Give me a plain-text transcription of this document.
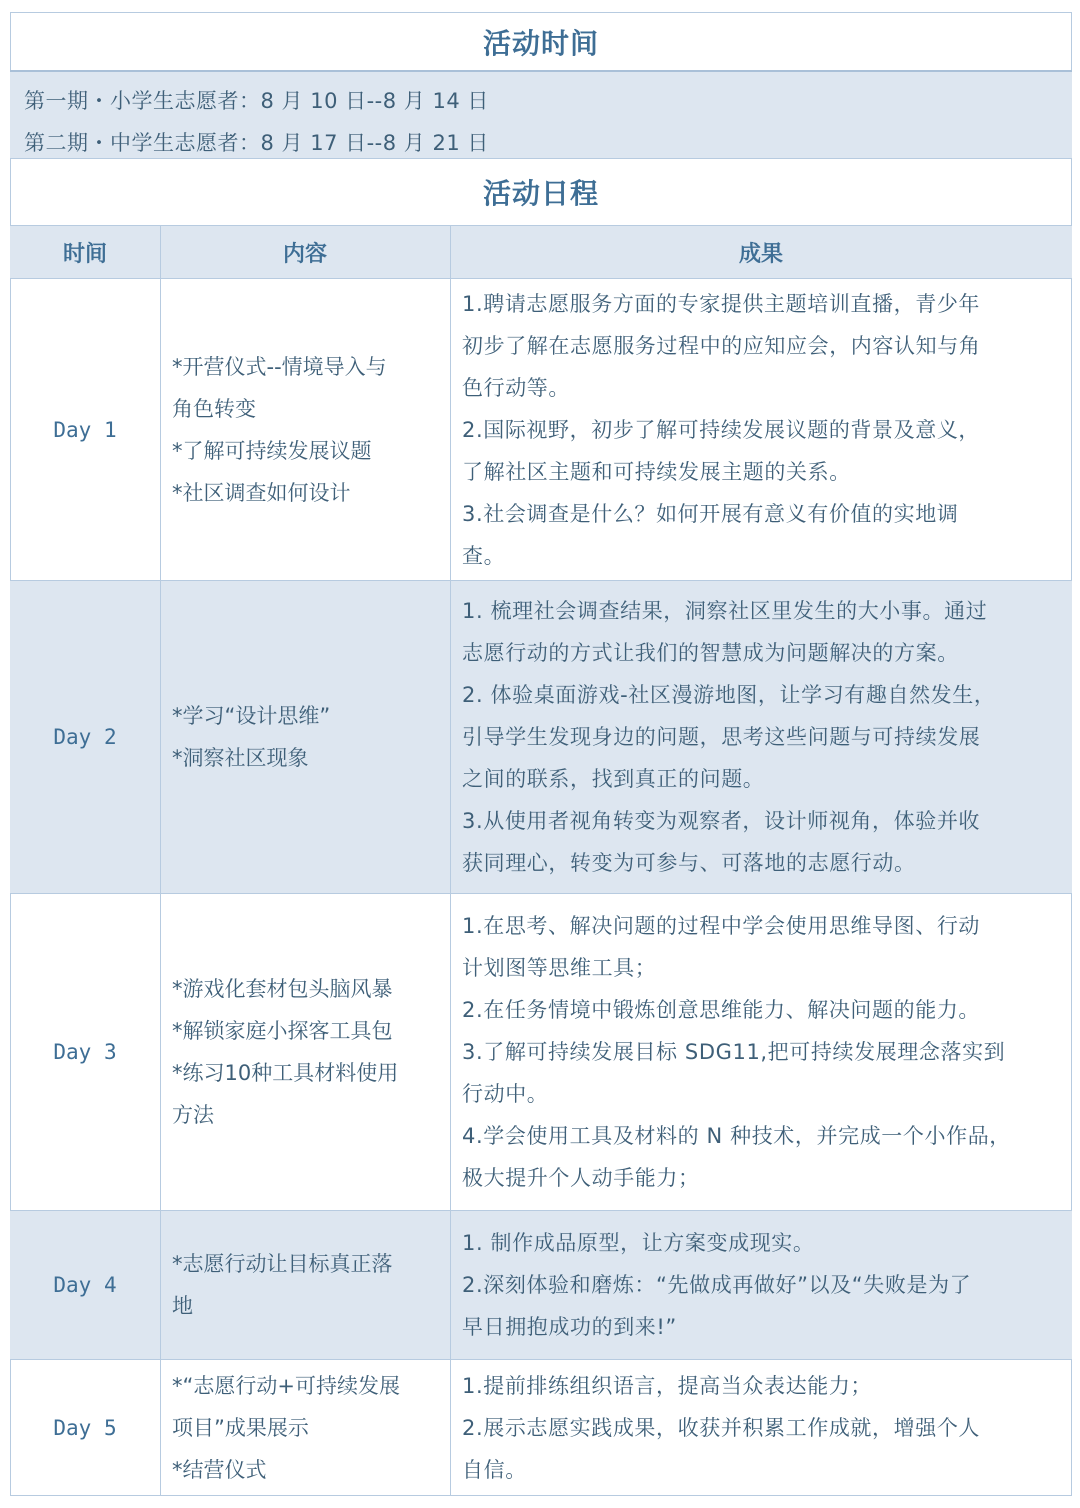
活动时间
第一期・小学生志愿者：8 月 10 日--8 月 14 日
第二期・中学生志愿者：8 月 17 日--8 月 21 日
活动日程
时间	内容	成果
Day 1
*开营仪式--情境导入与
角色转变
*了解可持续发展议题
*社区调查如何设计
1.聘请志愿服务方面的专家提供主题培训直播，青少年
初步了解在志愿服务过程中的应知应会，内容认知与角
色行动等。
2.国际视野，初步了解可持续发展议题的背景及意义，
了解社区主题和可持续发展主题的关系。
3.社会调查是什么？如何开展有意义有价值的实地调
查。
Day 2
*学习“设计思维”
*洞察社区现象
1. 梳理社会调查结果，洞察社区里发生的大小事。通过
志愿行动的方式让我们的智慧成为问题解决的方案。
2. 体验桌面游戏-社区漫游地图，让学习有趣自然发生，
引导学生发现身边的问题，思考这些问题与可持续发展
之间的联系，找到真正的问题。
3.从使用者视角转变为观察者，设计师视角，体验并收
获同理心，转变为可参与、可落地的志愿行动。
Day 3
*游戏化套材包头脑风暴
*解锁家庭小探客工具包
*练习10种工具材料使用
方法
1.在思考、解决问题的过程中学会使用思维导图、行动
计划图等思维工具；
2.在任务情境中锻炼创意思维能力、解决问题的能力。
3.了解可持续发展目标 SDG11,把可持续发展理念落实到
行动中。
4.学会使用工具及材料的 N 种技术，并完成一个小作品，
极大提升个人动手能力；
Day 4
*志愿行动让目标真正落
地
1. 制作成品原型，让方案变成现实。
2.深刻体验和磨炼：“先做成再做好”以及“失败是为了
早日拥抱成功的到来!”
Day 5
*“志愿行动+可持续发展
项目”成果展示
*结营仪式
1.提前排练组织语言，提高当众表达能力；
2.展示志愿实践成果，收获并积累工作成就，增强个人
自信。
